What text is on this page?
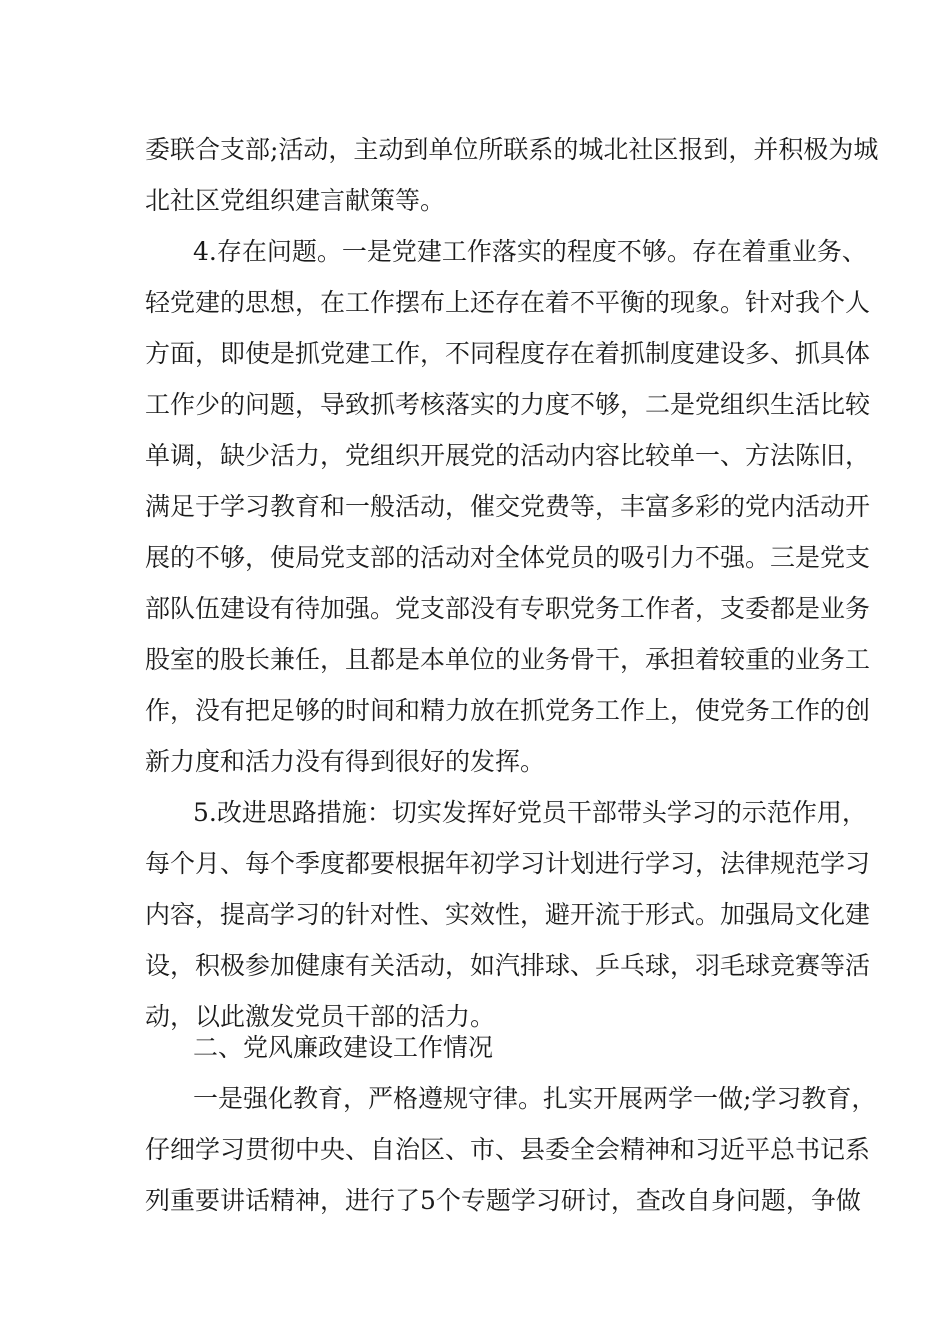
委联合支部;活动，主动到单位所联系的城北社区报到，并积极为城
北社区党组织建言献策等。
4.存在问题。一是党建工作落实的程度不够。存在着重业务、
轻党建的思想，在工作摆布上还存在着不平衡的现象。针对我个人
方面，即使是抓党建工作，不同程度存在着抓制度建设多、抓具体
工作少的问题，导致抓考核落实的力度不够，二是党组织生活比较
单调，缺少活力，党组织开展党的活动内容比较单一、方法陈旧，
满足于学习教育和一般活动，催交党费等，丰富多彩的党内活动开
展的不够，使局党支部的活动对全体党员的吸引力不强。三是党支
部队伍建设有待加强。党支部没有专职党务工作者，支委都是业务
股室的股长兼任，且都是本单位的业务骨干，承担着较重的业务工
作，没有把足够的时间和精力放在抓党务工作上，使党务工作的创
新力度和活力没有得到很好的发挥。
5.改进思路措施：切实发挥好党员干部带头学习的示范作用，
每个月、每个季度都要根据年初学习计划进行学习，法律规范学习
内容，提高学习的针对性、实效性，避开流于形式。加强局文化建
设，积极参加健康有关活动，如汽排球、乒乓球，羽毛球竞赛等活
动，以此激发党员干部的活力。
二、党风廉政建设工作情况
一是强化教育，严格遵规守律。扎实开展两学一做;学习教育，
仔细学习贯彻中央、自治区、市、县委全会精神和习近平总书记系
列重要讲话精神，进行了5个专题学习研讨，查改自身问题，争做
